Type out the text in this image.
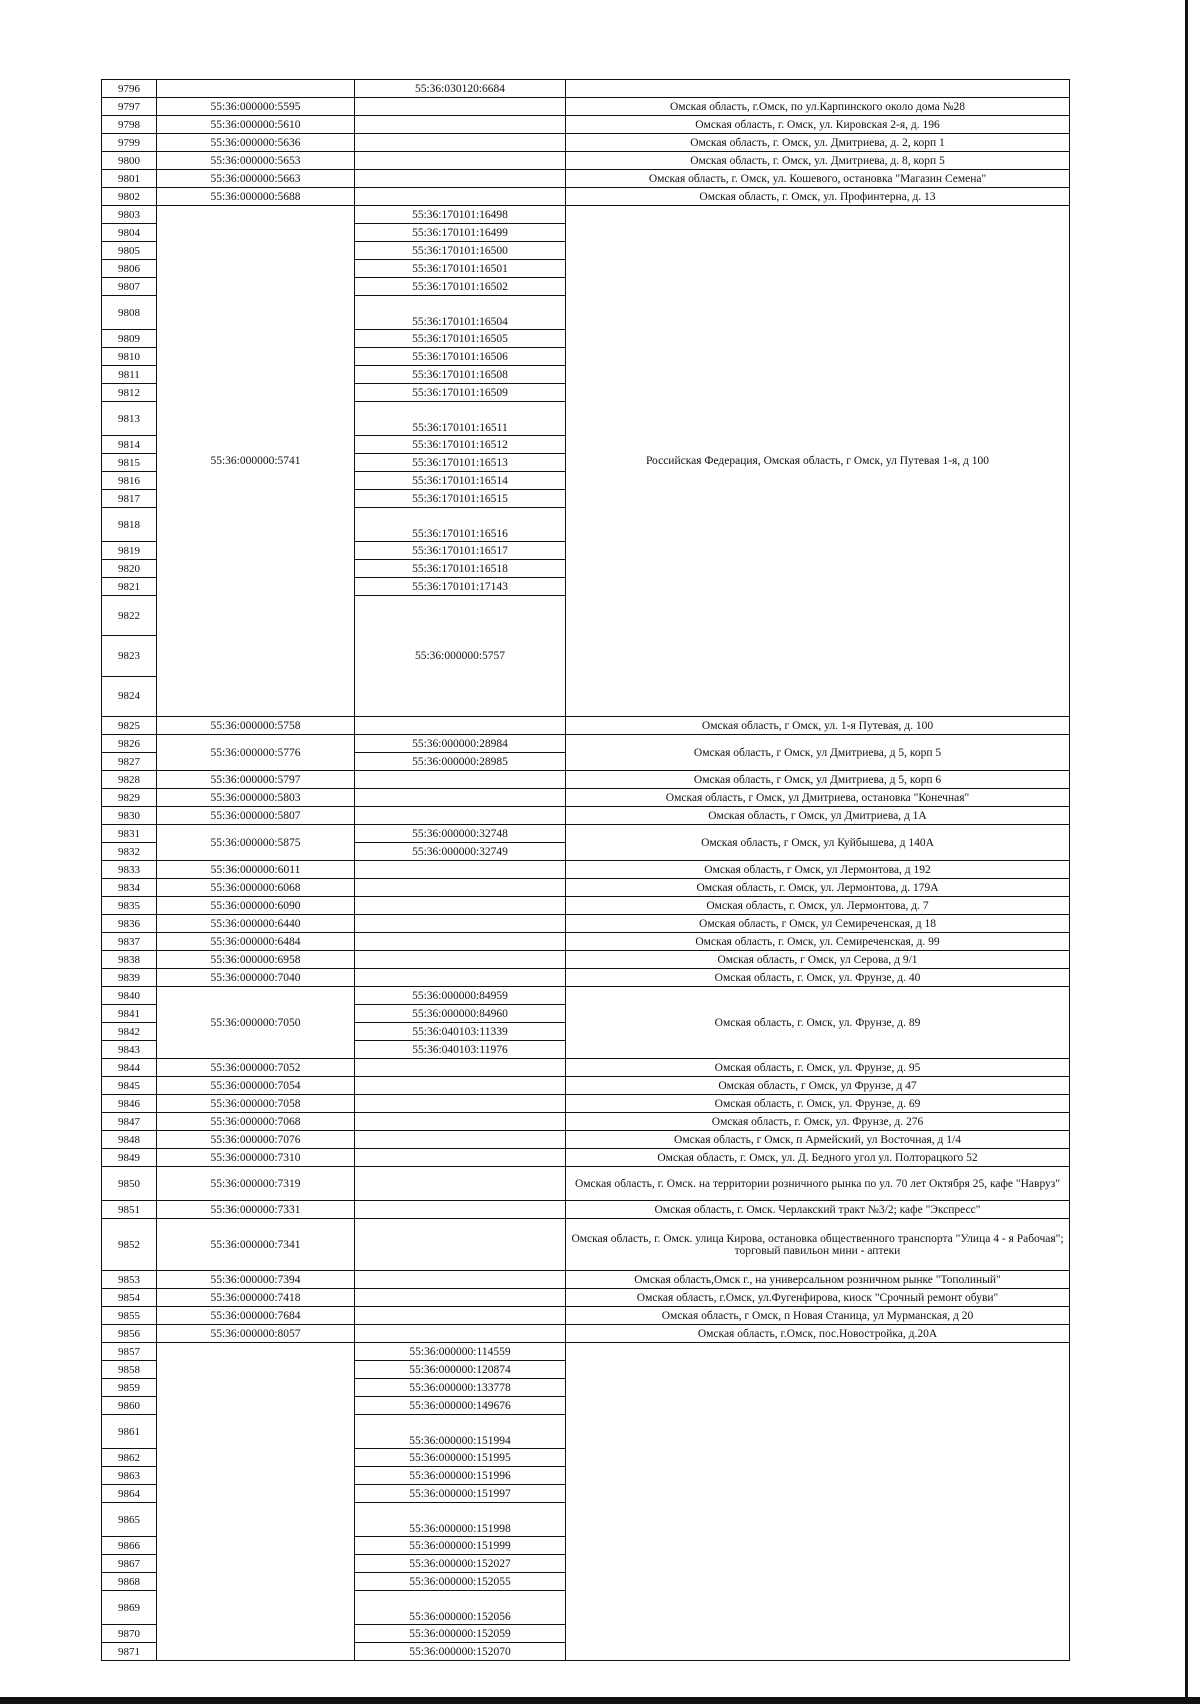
9796		55:36:030120:6684		
9797	55:36:000000:5595		Омская область, г.Омск, по ул.Карпинского около дома №28	
9798	55:36:000000:5610		Омская область, г. Омск, ул. Кировская 2-я, д. 196	
9799	55:36:000000:5636		Омская область, г. Омск, ул. Дмитриева, д. 2, корп 1	
9800	55:36:000000:5653		Омская область, г. Омск, ул. Дмитриева, д. 8, корп 5	
9801	55:36:000000:5663		Омская область, г. Омск, ул. Кошевого, остановка "Магазин Семена"	
9802	55:36:000000:5688		Омская область, г. Омск, ул. Профинтерна, д. 13	
9803	55:36:000000:5741	55:36:170101:16498	Российская Федерация, Омская область, г Омск, ул Путевая 1-я, д 100	
9804		55:36:170101:16499		
9805		55:36:170101:16500		
9806		55:36:170101:16501		
9807		55:36:170101:16502		
9808		55:36:170101:16504		
9809		55:36:170101:16505		
9810		55:36:170101:16506		
9811		55:36:170101:16508		
9812		55:36:170101:16509		
9813		55:36:170101:16511		
9814		55:36:170101:16512		
9815		55:36:170101:16513		
9816		55:36:170101:16514		
9817		55:36:170101:16515		
9818		55:36:170101:16516		
9819		55:36:170101:16517		
9820		55:36:170101:16518		
9821		55:36:170101:17143		
9822		55:36:000000:5757		
9823	
9824	
9825	55:36:000000:5758		Омская область, г Омск, ул. 1-я Путевая, д. 100	
9826	55:36:000000:5776	55:36:000000:28984	Омская область, г Омск, ул Дмитриева, д 5, корп 5	
9827		55:36:000000:28985		
9828	55:36:000000:5797		Омская область, г Омск, ул Дмитриева, д 5, корп 6	
9829	55:36:000000:5803		Омская область, г Омск, ул Дмитриева, остановка "Конечная"	
9830	55:36:000000:5807		Омская область, г Омск, ул Дмитриева, д 1А	
9831	55:36:000000:5875	55:36:000000:32748	Омская область, г Омск, ул Куйбышева, д 140А	
9832		55:36:000000:32749		
9833	55:36:000000:6011		Омская область, г Омск, ул Лермонтова, д 192	
9834	55:36:000000:6068		Омская область, г. Омск, ул. Лермонтова, д. 179А	
9835	55:36:000000:6090		Омская область, г. Омск, ул. Лермонтова, д. 7	
9836	55:36:000000:6440		Омская область, г Омск, ул Семиреченская, д 18	
9837	55:36:000000:6484		Омская область, г. Омск, ул. Семиреченская, д. 99	
9838	55:36:000000:6958		Омская область, г Омск, ул Серова, д 9/1	
9839	55:36:000000:7040		Омская область, г. Омск, ул. Фрунзе, д. 40	
9840	55:36:000000:7050	55:36:000000:84959	Омская область, г. Омск, ул. Фрунзе, д. 89	
9841		55:36:000000:84960		
9842		55:36:040103:11339		
9843		55:36:040103:11976		
9844	55:36:000000:7052		Омская область, г. Омск, ул. Фрунзе, д. 95	
9845	55:36:000000:7054		Омская область, г Омск, ул Фрунзе, д 47	
9846	55:36:000000:7058		Омская область, г. Омск, ул. Фрунзе, д. 69	
9847	55:36:000000:7068		Омская область, г. Омск, ул. Фрунзе, д. 276	
9848	55:36:000000:7076		Омская область, г Омск, п Армейский, ул Восточная, д 1/4	
9849	55:36:000000:7310		Омская область, г. Омск, ул. Д. Бедного угол ул. Полторацкого 52	
9850	55:36:000000:7319		Омская область, г. Омск. на территории розничного рынка по ул. 70 лет Октября 25, кафе "Навруз"	
9851	55:36:000000:7331		Омская область, г. Омск. Черлакский тракт №3/2; кафе "Экспресс"	
9852	55:36:000000:7341		Омская область, г. Омск. улица Кирова, остановка общественного транспорта "Улица 4 - я Рабочая"; торговый павильон мини - аптеки	
9853	55:36:000000:7394		Омская область,Омск г., на универсальном розничном рынке "Тополиный"	
9854	55:36:000000:7418		Омская область, г.Омск, ул.Фугенфирова, киоск "Срочный ремонт обуви"	
9855	55:36:000000:7684		Омская область, г Омск, п Новая Станица, ул Мурманская, д 20	
9856	55:36:000000:8057		Омская область, г.Омск, пос.Новостройка, д.20А	
9857		55:36:000000:114559		
9858		55:36:000000:120874		
9859		55:36:000000:133778		
9860		55:36:000000:149676		
9861		55:36:000000:151994		
9862		55:36:000000:151995		
9863		55:36:000000:151996		
9864		55:36:000000:151997		
9865		55:36:000000:151998		
9866		55:36:000000:151999		
9867		55:36:000000:152027		
9868		55:36:000000:152055		
9869		55:36:000000:152056		
9870		55:36:000000:152059		
9871		55:36:000000:152070		
